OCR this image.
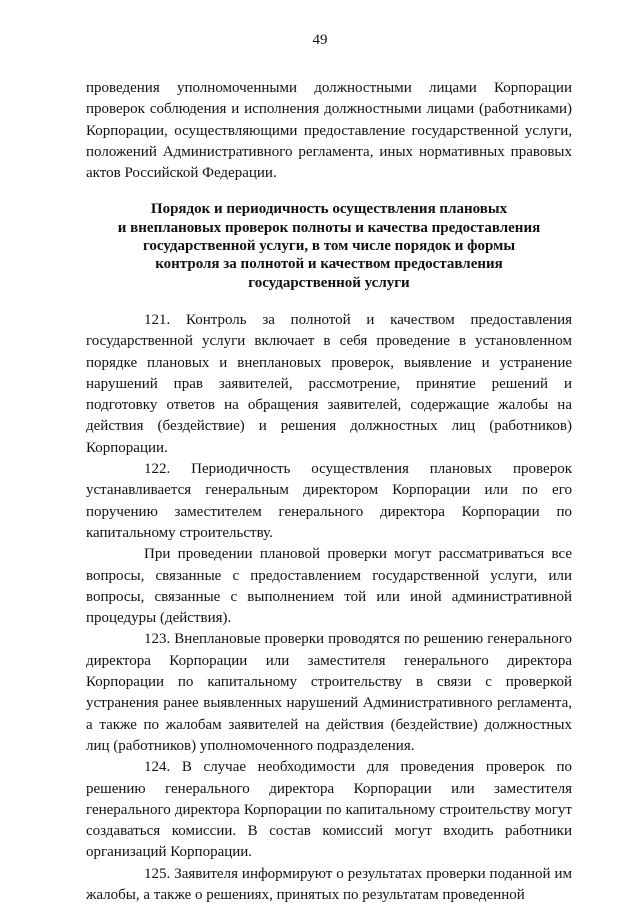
49

проведения уполномоченными должностными лицами Корпорации проверок соблюдения и исполнения должностными лицами (работниками) Корпорации, осуществляющими предоставление государственной услуги, положений Административного регламента, иных нормативных правовых актов Российской Федерации.

Порядок и периодичность осуществления плановых
и внеплановых проверок полноты и качества предоставления
государственной услуги, в том числе порядок и формы
контроля за полнотой и качеством предоставления
государственной услуги

121. Контроль за полнотой и качеством предоставления государственной услуги включает в себя проведение в установленном порядке плановых и внеплановых проверок, выявление и устранение нарушений прав заявителей, рассмотрение, принятие решений и подготовку ответов на обращения заявителей, содержащие жалобы на действия (бездействие) и решения должностных лиц (работников) Корпорации.

122. Периодичность осуществления плановых проверок устанавливается генеральным директором Корпорации или по его поручению заместителем генерального директора Корпорации по капитальному строительству.

При проведении плановой проверки могут рассматриваться все вопросы, связанные с предоставлением государственной услуги, или вопросы, связанные с выполнением той или иной административной процедуры (действия).

123. Внеплановые проверки проводятся по решению генерального директора Корпорации или заместителя генерального директора Корпорации по капитальному строительству в связи с проверкой устранения ранее выявленных нарушений Административного регламента, а также по жалобам заявителей на действия (бездействие) должностных лиц (работников) уполномоченного подразделения.

124. В случае необходимости для проведения проверок по решению генерального директора Корпорации или заместителя генерального директора Корпорации по капитальному строительству могут создаваться комиссии. В состав комиссий могут входить работники организаций Корпорации.

125. Заявителя информируют о результатах проверки поданной им жалобы, а также о решениях, принятых по результатам проведенной
